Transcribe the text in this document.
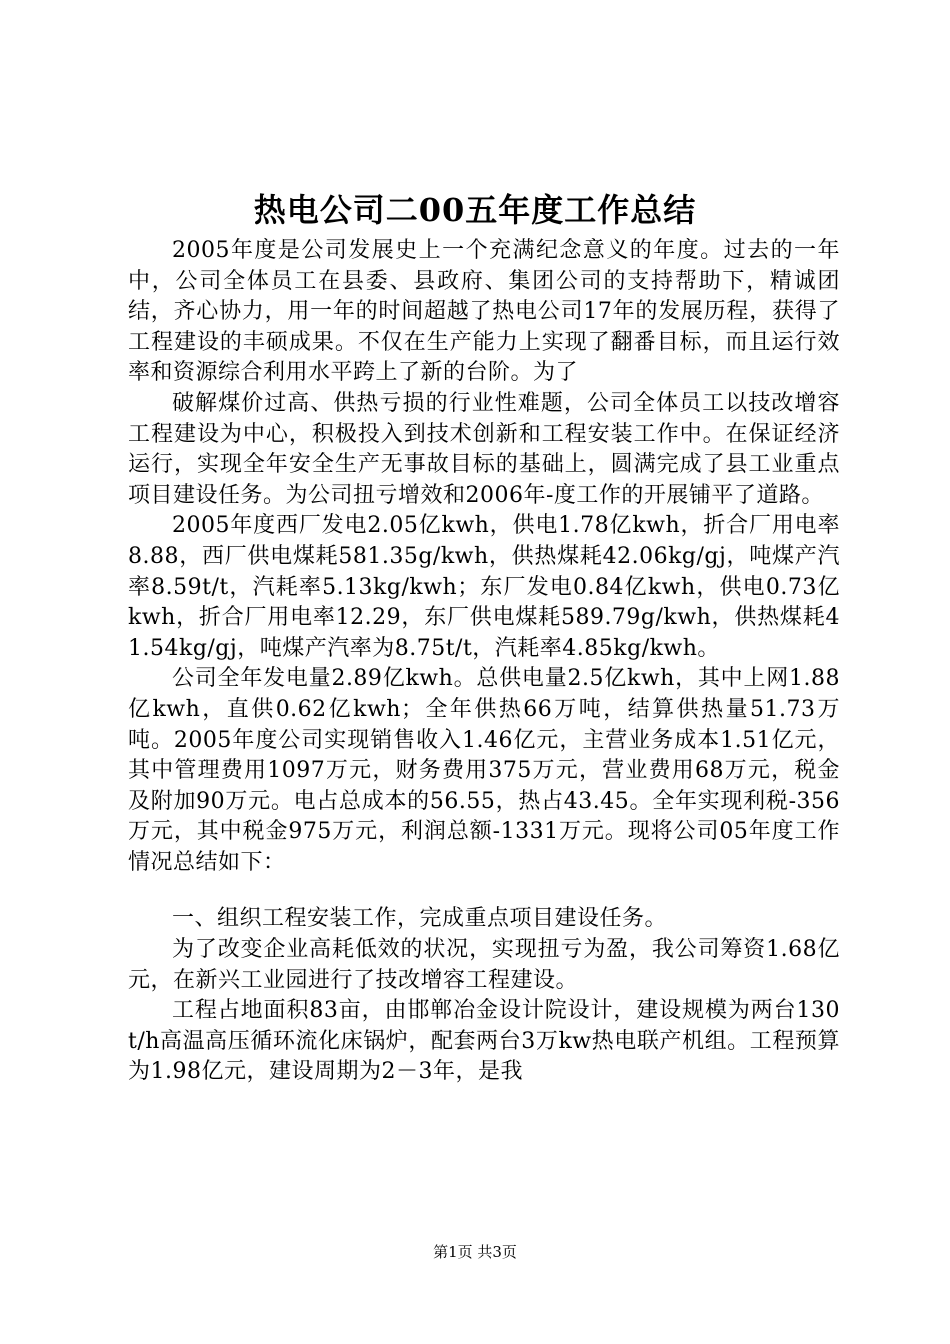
热电公司二00五年度工作总结

2005年度是公司发展史上一个充满纪念意义的年度。过去的一年中，公司全体员工在县委、县政府、集团公司的支持帮助下，精诚团结，齐心协力，用一年的时间超越了热电公司17年的发展历程，获得了工程建设的丰硕成果。不仅在生产能力上实现了翻番目标，而且运行效率和资源综合利用水平跨上了新的台阶。为了

破解煤价过高、供热亏损的行业性难题，公司全体员工以技改增容工程建设为中心，积极投入到技术创新和工程安装工作中。在保证经济运行，实现全年安全生产无事故目标的基础上，圆满完成了县工业重点项目建设任务。为公司扭亏增效和2006年-度工作的开展铺平了道路。

2005年度西厂发电2.05亿kwh，供电1.78亿kwh，折合厂用电率8.88，西厂供电煤耗581.35g/kwh，供热煤耗42.06kg/gj，吨煤产汽率8.59t/t，汽耗率5.13kg/kwh；东厂发电0.84亿kwh，供电0.73亿kwh，折合厂用电率12.29，东厂供电煤耗589.79g/kwh，供热煤耗41.54kg/gj，吨煤产汽率为8.75t/t，汽耗率4.85kg/kwh。

公司全年发电量2.89亿kwh。总供电量2.5亿kwh，其中上网1.88亿kwh，直供0.62亿kwh；全年供热66万吨，结算供热量51.73万吨。2005年度公司实现销售收入1.46亿元，主营业务成本1.51亿元，其中管理费用1097万元，财务费用375万元，营业费用68万元，税金及附加90万元。电占总成本的56.55，热占43.45。全年实现利税-356万元，其中税金975万元，利润总额-1331万元。现将公司05年度工作情况总结如下：

一、组织工程安装工作，完成重点项目建设任务。

为了改变企业高耗低效的状况，实现扭亏为盈，我公司筹资1.68亿元，在新兴工业园进行了技改增容工程建设。

工程占地面积83亩，由邯郸冶金设计院设计，建设规模为两台130t/h高温高压循环流化床锅炉，配套两台3万kw热电联产机组。工程预算为1.98亿元，建设周期为2－3年，是我

第1页 共3页
